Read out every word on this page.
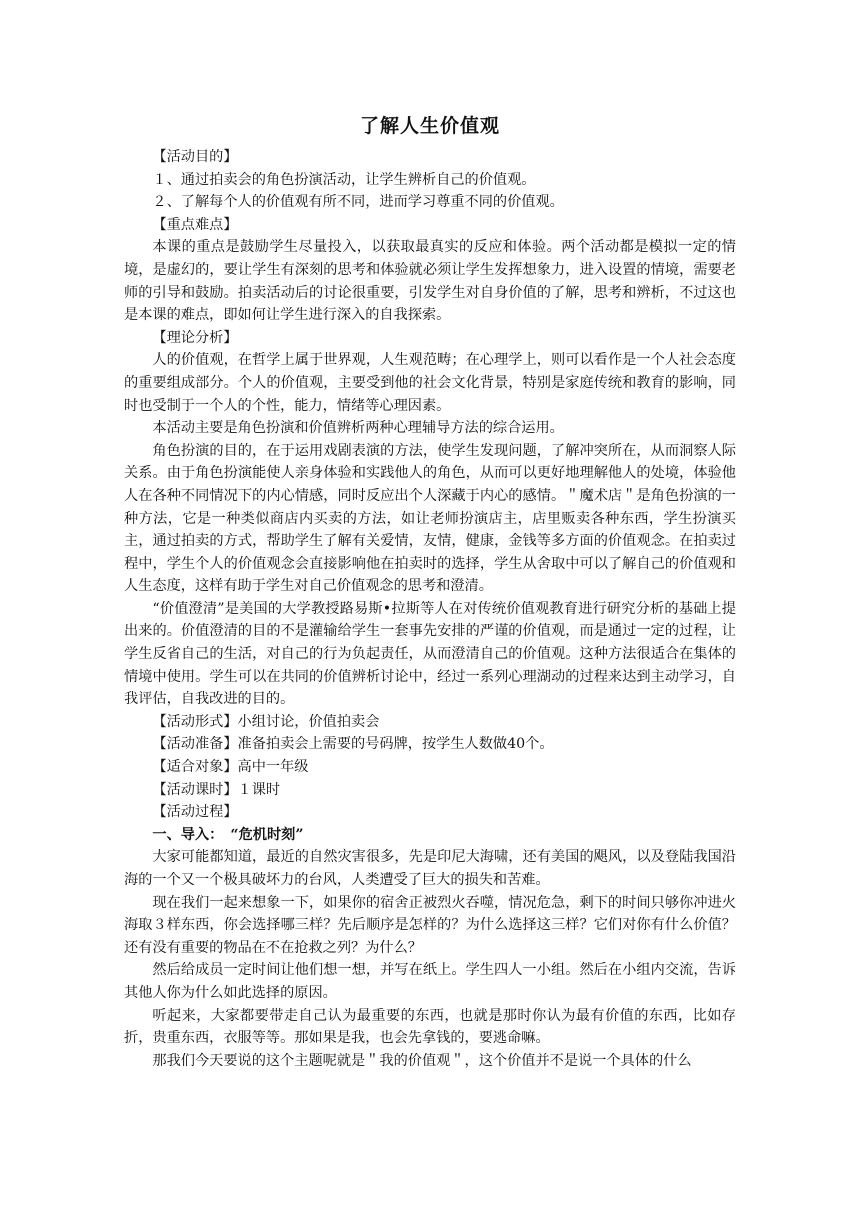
了解人生价值观

【活动目的】

１、通过拍卖会的角色扮演活动，让学生辨析自己的价值观。

２、了解每个人的价值观有所不同，进而学习尊重不同的价值观。

【重点难点】

本课的重点是鼓励学生尽量投入，以获取最真实的反应和体验。两个活动都是模拟一定的情境，是虚幻的，要让学生有深刻的思考和体验就必须让学生发挥想象力，进入设置的情境，需要老师的引导和鼓励。拍卖活动后的讨论很重要，引发学生对自身价值的了解，思考和辨析，不过这也是本课的难点，即如何让学生进行深入的自我探索。

【理论分析】

人的价值观，在哲学上属于世界观，人生观范畴；在心理学上，则可以看作是一个人社会态度的重要组成部分。个人的价值观，主要受到他的社会文化背景，特别是家庭传统和教育的影响，同时也受制于一个人的个性，能力，情绪等心理因素。

本活动主要是角色扮演和价值辨析两种心理辅导方法的综合运用。

角色扮演的目的，在于运用戏剧表演的方法，使学生发现问题，了解冲突所在，从而洞察人际关系。由于角色扮演能使人亲身体验和实践他人的角色，从而可以更好地理解他人的处境，体验他人在各种不同情况下的内心情感，同时反应出个人深藏于内心的感情。＂魔术店＂是角色扮演的一种方法，它是一种类似商店内买卖的方法，如让老师扮演店主，店里贩卖各种东西，学生扮演买主，通过拍卖的方式，帮助学生了解有关爱情，友情，健康，金钱等多方面的价值观念。在拍卖过程中，学生个人的价值观念会直接影响他在拍卖时的选择，学生从舍取中可以了解自己的价值观和人生态度，这样有助于学生对自己价值观念的思考和澄清。

“价值澄清”是美国的大学教授路易斯•拉斯等人在对传统价值观教育进行研究分析的基础上提出来的。价值澄清的目的不是灌输给学生一套事先安排的严谨的价值观，而是通过一定的过程，让学生反省自己的生活，对自己的行为负起责任，从而澄清自己的价值观。这种方法很适合在集体的情境中使用。学生可以在共同的价值辨析讨论中，经过一系列心理湖动的过程来达到主动学习，自我评估，自我改进的目的。

【活动形式】小组讨论，价值拍卖会

【活动准备】准备拍卖会上需要的号码牌，按学生人数做40个。

【适合对象】高中一年级

【活动课时】１课时

【活动过程】

一、导入：　“危机时刻”

大家可能都知道，最近的自然灾害很多，先是印尼大海啸，还有美国的飓风，以及登陆我国沿海的一个又一个极具破坏力的台风，人类遭受了巨大的损失和苦难。

现在我们一起来想象一下，如果你的宿舍正被烈火吞噬，情况危急，剩下的时间只够你冲进火海取３样东西，你会选择哪三样？先后顺序是怎样的？为什么选择这三样？它们对你有什么价值？还有没有重要的物品在不在抢救之列？为什么？

然后给成员一定时间让他们想一想，并写在纸上。学生四人一小组。然后在小组内交流，告诉其他人你为什么如此选择的原因。

听起来，大家都要带走自己认为最重要的东西，也就是那时你认为最有价值的东西，比如存折，贵重东西，衣服等等。那如果是我，也会先拿钱的，要逃命嘛。

那我们今天要说的这个主题呢就是＂我的价值观＂，这个价值并不是说一个具体的什么
